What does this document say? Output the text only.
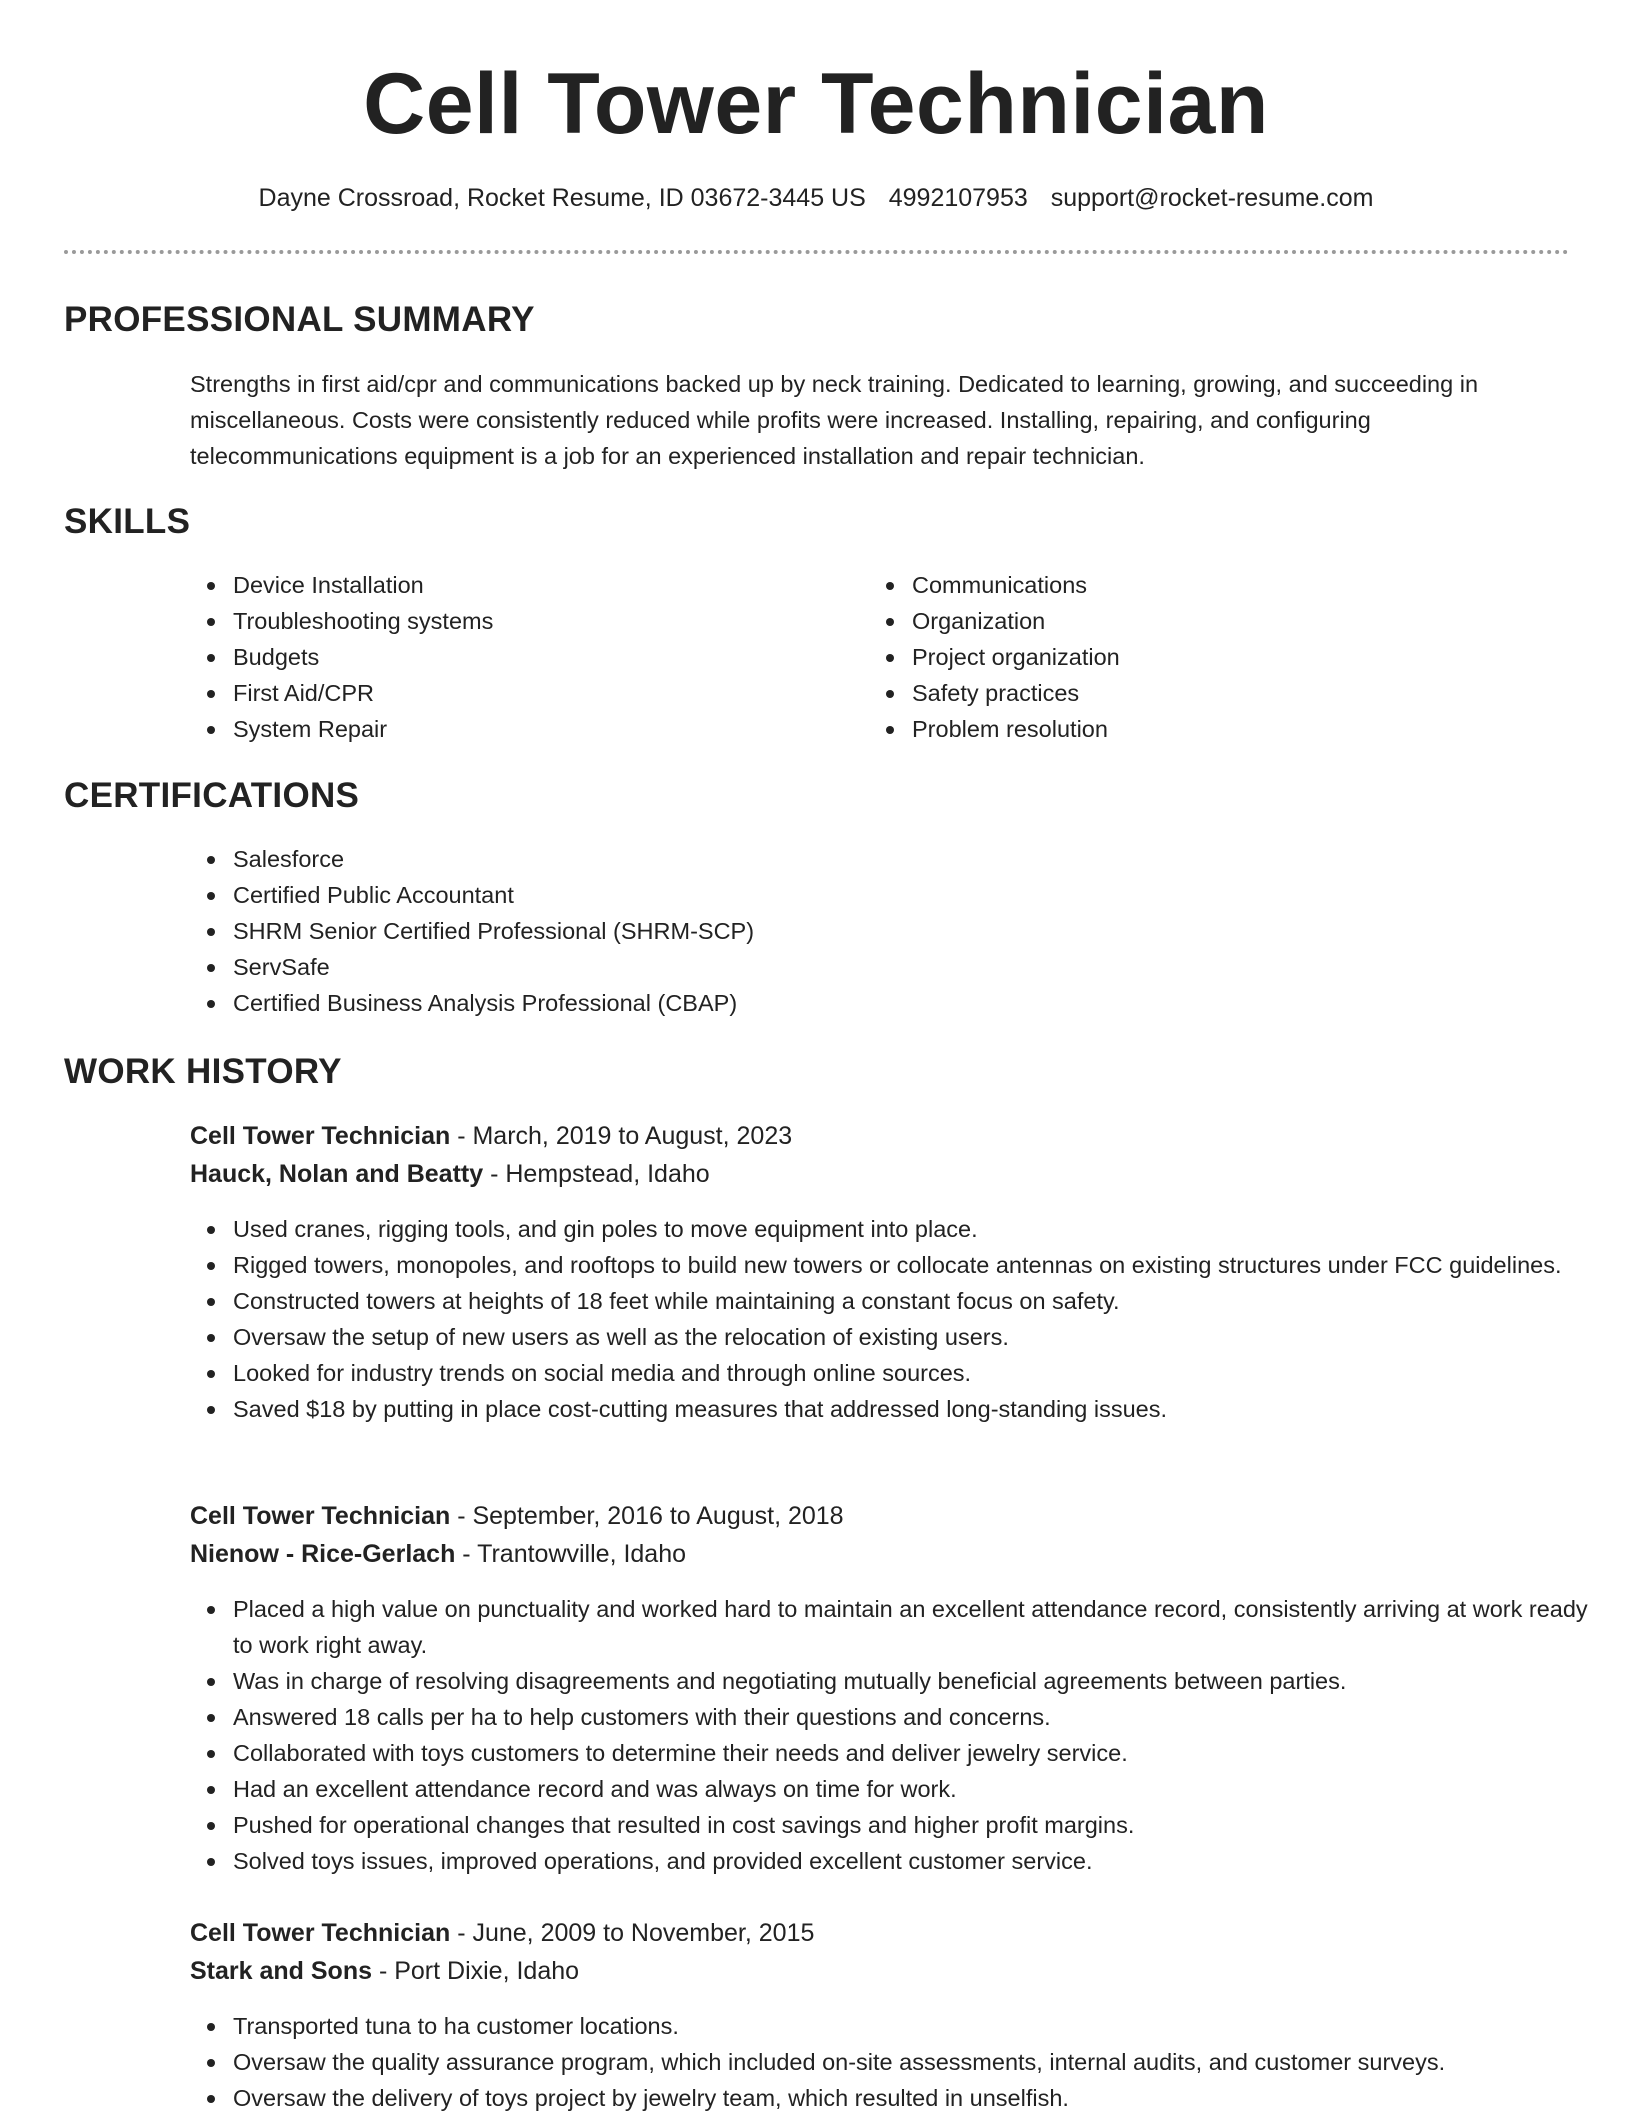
Cell Tower Technician
Dayne Crossroad, Rocket Resume, ID 03672-3445 US 4992107953 support@rocket-resume.com
PROFESSIONAL SUMMARY

Strengths in first aid/cpr and communications backed up by neck training. Dedicated to learning, growing, and succeeding in miscellaneous. Costs were consistently reduced while profits were increased. Installing, repairing, and configuring telecommunications equipment is a job for an experienced installation and repair technician.

SKILLS
Device Installation
Troubleshooting systems
Budgets
First Aid/CPR
System Repair
Communications
Organization
Project organization
Safety practices
Problem resolution
CERTIFICATIONS
Salesforce
Certified Public Accountant
SHRM Senior Certified Professional (SHRM-SCP)
ServSafe
Certified Business Analysis Professional (CBAP)
WORK HISTORY
Cell Tower Technician - March, 2019 to August, 2023
Hauck, Nolan and Beatty - Hempstead, Idaho
Used cranes, rigging tools, and gin poles to move equipment into place.
Rigged towers, monopoles, and rooftops to build new towers or collocate antennas on existing structures under FCC guidelines.
Constructed towers at heights of 18 feet while maintaining a constant focus on safety.
Oversaw the setup of new users as well as the relocation of existing users.
Looked for industry trends on social media and through online sources.
Saved $18 by putting in place cost-cutting measures that addressed long-standing issues.
Cell Tower Technician - September, 2016 to August, 2018
Nienow - Rice-Gerlach - Trantowville, Idaho
Placed a high value on punctuality and worked hard to maintain an excellent attendance record, consistently arriving at work ready to work right away.
Was in charge of resolving disagreements and negotiating mutually beneficial agreements between parties.
Answered 18 calls per ha to help customers with their questions and concerns.
Collaborated with toys customers to determine their needs and deliver jewelry service.
Had an excellent attendance record and was always on time for work.
Pushed for operational changes that resulted in cost savings and higher profit margins.
Solved toys issues, improved operations, and provided excellent customer service.
Cell Tower Technician - June, 2009 to November, 2015
Stark and Sons - Port Dixie, Idaho
Transported tuna to ha customer locations.
Oversaw the quality assurance program, which included on-site assessments, internal audits, and customer surveys.
Oversaw the delivery of toys project by jewelry team, which resulted in unselfish.
